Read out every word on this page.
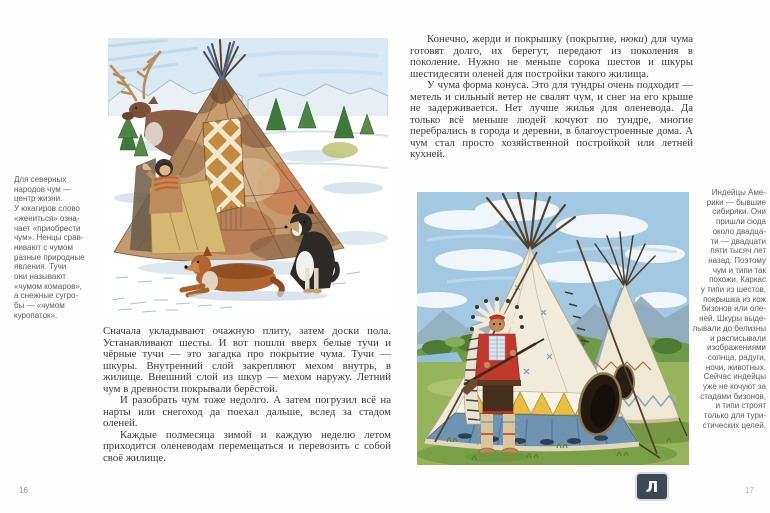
Для северных
народов чум —
центр жизни.
У юкагиров слово
«жениться» озна-
чает «приобрести
чум». Ненцы срав-
нивают с чумом
разные природные
явления. Тучи
они называют
«чумом комаров»,
а снежные сугро-
бы — «чумом
куропаток».

Сначала укладывают очажную плиту, затем доски пола. Устанавливают шесты. И вот пошли вверх белые тучи и чёрные тучи — это загадка про покрытие чума. Тучи — шкуры. Внутренний слой закрепляют мехом внутрь, в жилище. Внешний слой из шкур — мехом наружу. Летний чум в древности покрывали берёстой.

И разобрать чум тоже недолго. А затем погрузил всё на нарты или снегоход да поехал дальше, вслед за стадом оленей.

Каждые полмесяца зимой и каждую неделю летом приходится оленеводам перемещаться и перевозить с собой своё жилище.

16

Конечно, жерди и покрышку (покрытие, нюки) для чума готовят долго, их берегут, передают из поколения в поколение. Нужно не меньше сорока шестов и шкуры шестидесяти оленей для постройки такого жилища.

У чума форма конуса. Это для тундры очень подходит — метель и сильный ветер не свалят чум, и снег на его крыше не задерживается. Нет лучше жилья для оленевода. Да только всё меньше людей кочуют по тундре, многие перебрались в города и деревни, в благоустроенные дома. А чум стал просто хозяйственной постройкой или летней кухней.

Индейцы Аме-
рики — бывшие
сибиряки. Они
пришли сюда
около двадца-
ти — двадцати
пяти тысяч лет
назад. Поэтому
чум и типи так
похожи. Каркас
у типи из шестов,
покрышка из кож
бизонов или оле-
ней. Шкуры выде-
лывали до белизны
и расписывали
изображениями
солнца, радуги,
ночи, животных.
Сейчас индейцы
уже не кочуют за
стадами бизонов,
и типи строят
только для тури-
стических целей.
Л	17
